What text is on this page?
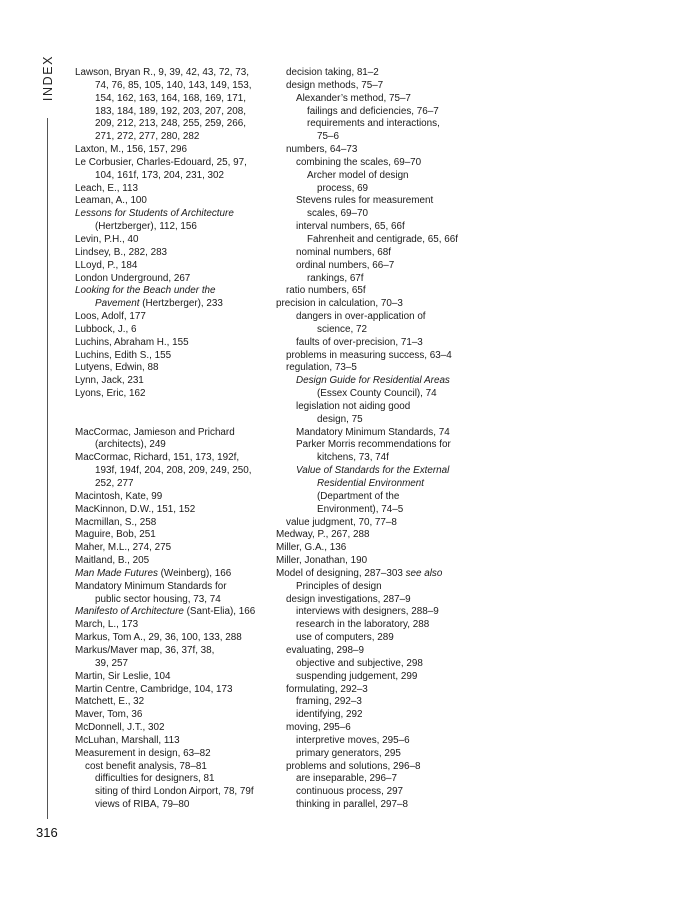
INDEX
316
Lawson, Bryan R., 9, 39, 42, 43, 72, 73,
74, 76, 85, 105, 140, 143, 149, 153,
154, 162, 163, 164, 168, 169, 171,
183, 184, 189, 192, 203, 207, 208,
209, 212, 213, 248, 255, 259, 266,
271, 272, 277, 280, 282
Laxton, M., 156, 157, 296
Le Corbusier, Charles-Edouard, 25, 97,
104, 161f, 173, 204, 231, 302
Leach, E., 113
Leaman, A., 100
Lessons for Students of Architecture
(Hertzberger), 112, 156
Levin, P.H., 40
Lindsey, B., 282, 283
LLoyd, P., 184
London Underground, 267
Looking for the Beach under the
Pavement (Hertzberger), 233
Loos, Adolf, 177
Lubbock, J., 6
Luchins, Abraham H., 155
Luchins, Edith S., 155
Lutyens, Edwin, 88
Lynn, Jack, 231
Lyons, Eric, 162
MacCormac, Jamieson and Prichard
(architects), 249
MacCormac, Richard, 151, 173, 192f,
193f, 194f, 204, 208, 209, 249, 250,
252, 277
Macintosh, Kate, 99
MacKinnon, D.W., 151, 152
Macmillan, S., 258
Maguire, Bob, 251
Maher, M.L., 274, 275
Maitland, B., 205
Man Made Futures (Weinberg), 166
Mandatory Minimum Standards for
public sector housing, 73, 74
Manifesto of Architecture (Sant-Elia), 166
March, L., 173
Markus, Tom A., 29, 36, 100, 133, 288
Markus/Maver map, 36, 37f, 38,
39, 257
Martin, Sir Leslie, 104
Martin Centre, Cambridge, 104, 173
Matchett, E., 32
Maver, Tom, 36
McDonnell, J.T., 302
McLuhan, Marshall, 113
Measurement in design, 63–82
cost benefit analysis, 78–81
difficulties for designers, 81
siting of third London Airport, 78, 79f
views of RIBA, 79–80
decision taking, 81–2
design methods, 75–7
Alexander’s method, 75–7
failings and deficiencies, 76–7
requirements and interactions,
75–6
numbers, 64–73
combining the scales, 69–70
Archer model of design
process, 69
Stevens rules for measurement
scales, 69–70
interval numbers, 65, 66f
Fahrenheit and centigrade, 65, 66f
nominal numbers, 68f
ordinal numbers, 66–7
rankings, 67f
ratio numbers, 65f
precision in calculation, 70–3
dangers in over-application of
science, 72
faults of over-precision, 71–3
problems in measuring success, 63–4
regulation, 73–5
Design Guide for Residential Areas
(Essex County Council), 74
legislation not aiding good
design, 75
Mandatory Minimum Standards, 74
Parker Morris recommendations for
kitchens, 73, 74f
Value of Standards for the External
Residential Environment
(Department of the
Environment), 74–5
value judgment, 70, 77–8
Medway, P., 267, 288
Miller, G.A., 136
Miller, Jonathan, 190
Model of designing, 287–303 see also
Principles of design
design investigations, 287–9
interviews with designers, 288–9
research in the laboratory, 288
use of computers, 289
evaluating, 298–9
objective and subjective, 298
suspending judgement, 299
formulating, 292–3
framing, 292–3
identifying, 292
moving, 295–6
interpretive moves, 295–6
primary generators, 295
problems and solutions, 296–8
are inseparable, 296–7
continuous process, 297
thinking in parallel, 297–8
